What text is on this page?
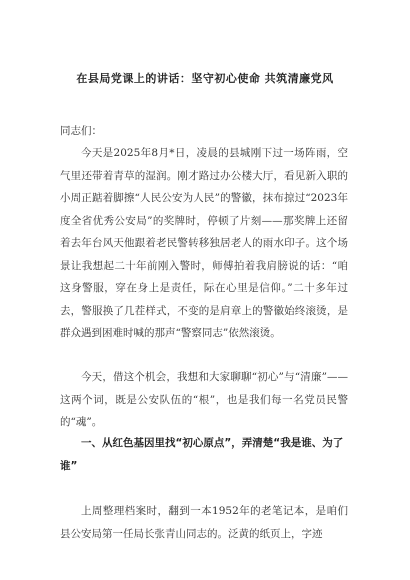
在县局党课上的讲话：坚守初心使命 共筑清廉党风
同志们：

今天是2025年8月*日，凌晨的县城刚下过一场阵雨，空气里还带着青草的湿润。刚才路过办公楼大厅，看见新入职的小周正踮着脚擦“人民公安为人民”的警徽，抹布掠过“2023年度全省优秀公安局”的奖牌时，停顿了片刻——那奖牌上还留着去年台风天他跟着老民警转移独居老人的雨水印子。这个场景让我想起二十年前刚入警时，师傅拍着我肩膀说的话：“咱这身警服，穿在身上是责任，际在心里是信仰。”二十多年过去，警服换了几茬样式，不变的是肩章上的警徽始终滚烫，是群众遇到困难时喊的那声“警察同志”依然滚烫。

今天，借这个机会，我想和大家聊聊“初心”与“清廉”——这两个词，既是公安队伍的“根”，也是我们每一名党员民警的“魂”。

一、从红色基因里找“初心原点”，弄清楚“我是谁、为了谁”

上周整理档案时，翻到一本1952年的老笔记本，是咱们县公安局第一任局长张青山同志的。泛黄的纸页上，字迹
